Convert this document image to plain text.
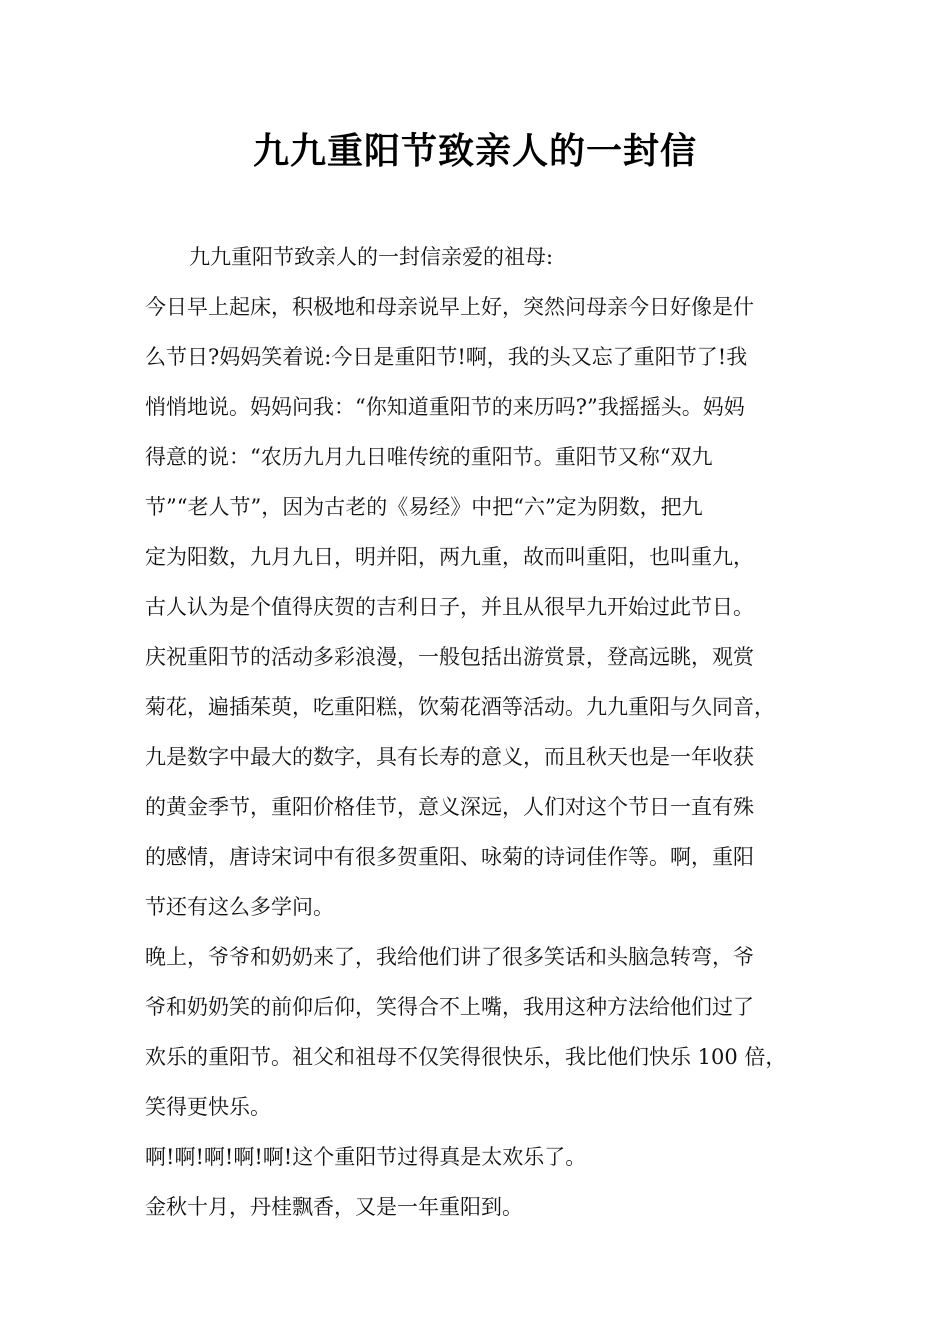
九九重阳节致亲人的一封信
九九重阳节致亲人的一封信亲爱的祖母:
今日早上起床，积极地和母亲说早上好，突然问母亲今日好像是什
么节日?妈妈笑着说:今日是重阳节!啊，我的头又忘了重阳节了!我
悄悄地说。妈妈问我：“你知道重阳节的来历吗?”我摇摇头。妈妈
得意的说：“农历九月九日唯传统的重阳节。重阳节又称“双九
节”“老人节”，因为古老的《易经》中把“六”定为阴数，把九
定为阳数，九月九日，明并阳，两九重，故而叫重阳，也叫重九，
古人认为是个值得庆贺的吉利日子，并且从很早九开始过此节日。
庆祝重阳节的活动多彩浪漫，一般包括出游赏景，登高远眺，观赏
菊花，遍插茱萸，吃重阳糕，饮菊花酒等活动。九九重阳与久同音，
九是数字中最大的数字，具有长寿的意义，而且秋天也是一年收获
的黄金季节，重阳价格佳节，意义深远，人们对这个节日一直有殊
的感情，唐诗宋词中有很多贺重阳、咏菊的诗词佳作等。啊，重阳
节还有这么多学问。
晚上，爷爷和奶奶来了，我给他们讲了很多笑话和头脑急转弯，爷
爷和奶奶笑的前仰后仰，笑得合不上嘴，我用这种方法给他们过了
欢乐的重阳节。祖父和祖母不仅笑得很快乐，我比他们快乐 100 倍，
笑得更快乐。
啊!啊!啊!啊!啊!这个重阳节过得真是太欢乐了。
金秋十月，丹桂飘香，又是一年重阳到。
